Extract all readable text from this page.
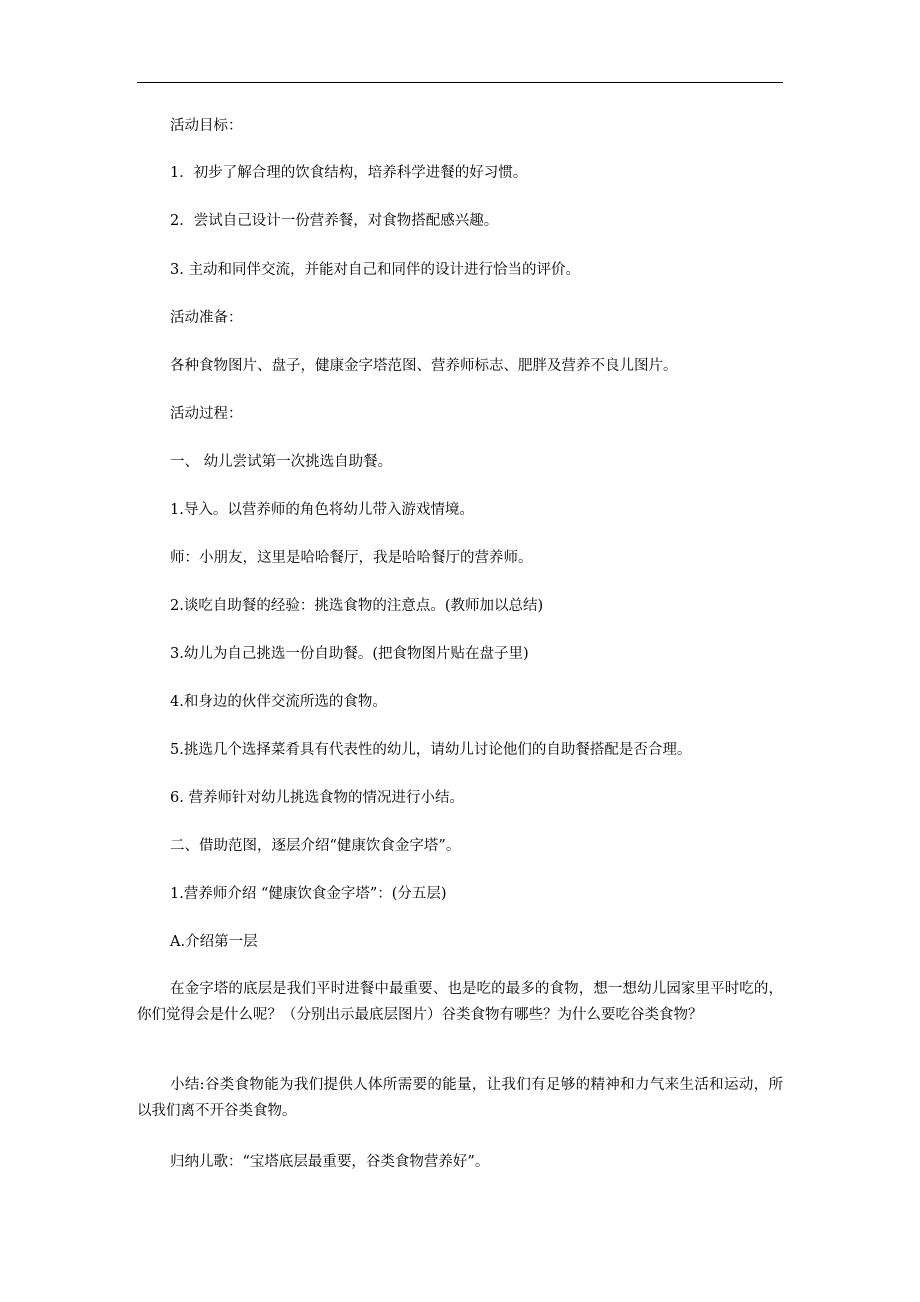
活动目标：
1．初步了解合理的饮食结构，培养科学进餐的好习惯。
2．尝试自己设计一份营养餐，对食物搭配感兴趣。
3. 主动和同伴交流，并能对自己和同伴的设计进行恰当的评价。
活动准备：
各种食物图片、盘子，健康金字塔范图、营养师标志、肥胖及营养不良儿图片。
活动过程：
一、 幼儿尝试第一次挑选自助餐。
1.导入。以营养师的角色将幼儿带入游戏情境。
师：小朋友，这里是哈哈餐厅，我是哈哈餐厅的营养师。
2.谈吃自助餐的经验：挑选食物的注意点。(教师加以总结)
3.幼儿为自己挑选一份自助餐。(把食物图片贴在盘子里)
4.和身边的伙伴交流所选的食物。
5.挑选几个选择菜肴具有代表性的幼儿，请幼儿讨论他们的自助餐搭配是否合理。
6. 营养师针对幼儿挑选食物的情况进行小结。
二、借助范图，逐层介绍“健康饮食金字塔”。
1.营养师介绍 “健康饮食金字塔”：(分五层)
A.介绍第一层
在金字塔的底层是我们平时进餐中最重要、也是吃的最多的食物，想一想幼儿园家里平时吃的，你们觉得会是什么呢？（分别出示最底层图片）谷类食物有哪些？为什么要吃谷类食物？
小结:谷类食物能为我们提供人体所需要的能量，让我们有足够的精神和力气来生活和运动，所以我们离不开谷类食物。
归纳儿歌：“宝塔底层最重要，谷类食物营养好”。
